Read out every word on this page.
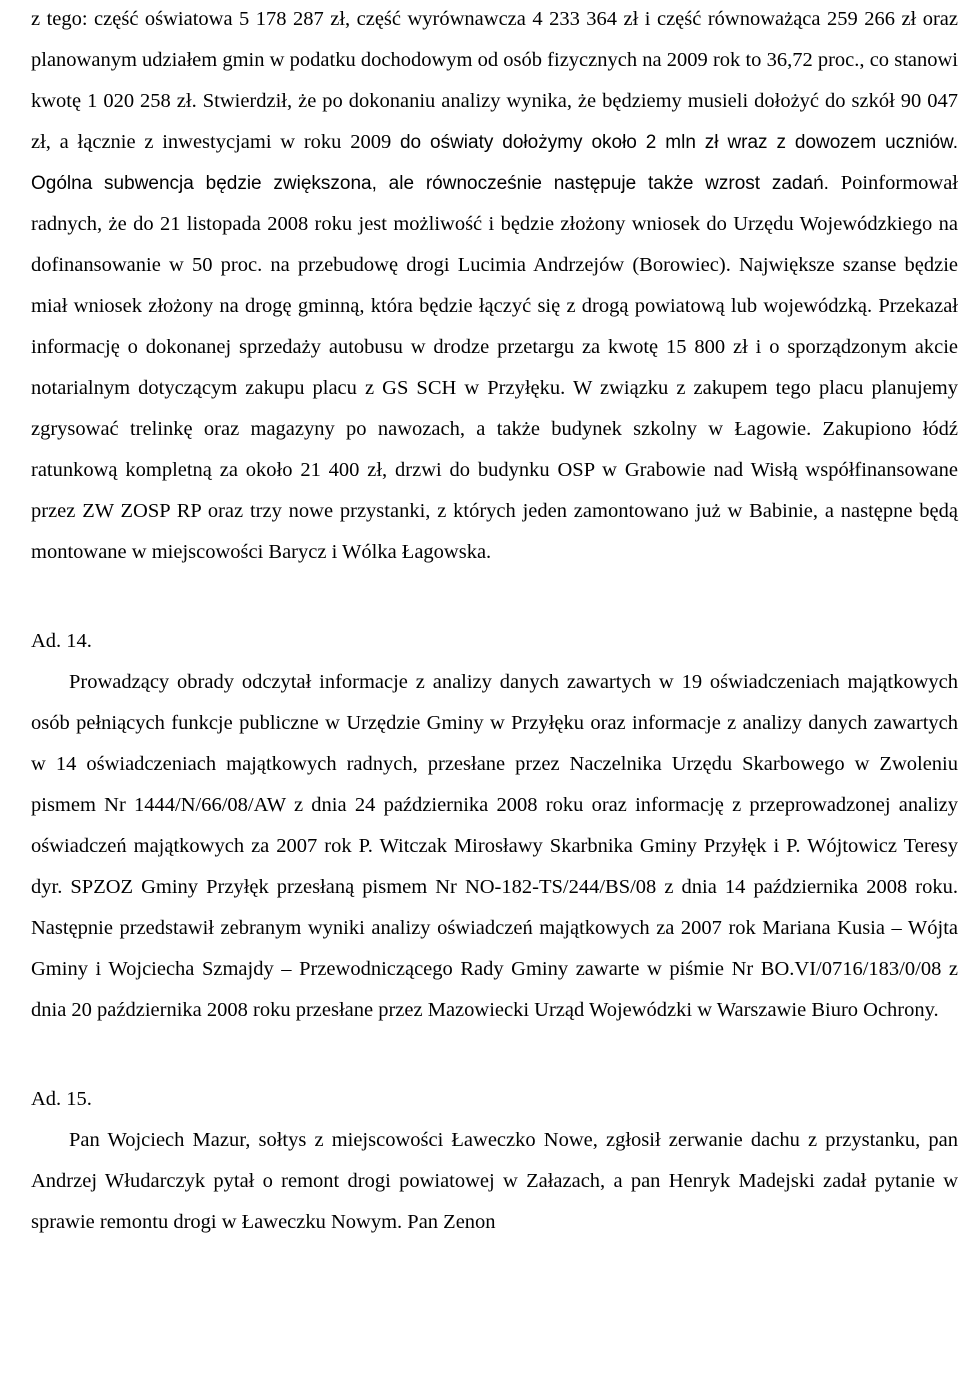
z tego: część oświatowa 5 178 287 zł, część wyrównawcza 4 233 364 zł i część równoważąca 259 266 zł oraz planowanym udziałem gmin w podatku dochodowym od osób fizycznych na 2009 rok to 36,72 proc., co stanowi kwotę 1 020 258 zł. Stwierdził, że po dokonaniu analizy wynika, że będziemy musieli dołożyć do szkół 90 047 zł, a łącznie z inwestycjami w roku 2009 do oświaty dołożymy około 2 mln zł wraz z dowozem uczniów. Ogólna subwencja będzie zwiększona, ale równocześnie następuje także wzrost zadań. Poinformował radnych, że do 21 listopada 2008 roku jest możliwość i będzie złożony wniosek do Urzędu Wojewódzkiego na dofinansowanie w 50 proc. na przebudowę drogi Lucimia Andrzejów (Borowiec). Największe szanse będzie miał wniosek złożony na drogę gminną, która będzie łączyć się z drogą powiatową lub wojewódzką. Przekazał informację o dokonanej sprzedaży autobusu w drodze przetargu za kwotę 15 800 zł i o sporządzonym akcie notarialnym dotyczącym zakupu placu z GS SCH w Przyłęku. W związku z zakupem tego placu planujemy zgrysować trelinkę oraz magazyny po nawozach, a także budynek szkolny w Łagowie. Zakupiono łódź ratunkową kompletną za około 21 400 zł, drzwi do budynku OSP w Grabowie nad Wisłą współfinansowane przez ZW ZOSP RP oraz trzy nowe przystanki, z których jeden zamontowano już w Babinie, a następne będą montowane w miejscowości Barycz i Wólka Łagowska.

Ad. 14.

Prowadzący obrady odczytał informacje z analizy danych zawartych w 19 oświadczeniach majątkowych osób pełniących funkcje publiczne w Urzędzie Gminy w Przyłęku oraz informacje z analizy danych zawartych w 14 oświadczeniach majątkowych radnych, przesłane przez Naczelnika Urzędu Skarbowego w Zwoleniu pismem Nr 1444/N/66/08/AW z dnia 24 października 2008 roku oraz informację z przeprowadzonej analizy oświadczeń majątkowych za 2007 rok P. Witczak Mirosławy Skarbnika Gminy Przyłęk i P. Wójtowicz Teresy dyr. SPZOZ Gminy Przyłęk przesłaną pismem Nr NO-182-TS/244/BS/08 z dnia 14 października 2008 roku. Następnie przedstawił zebranym wyniki analizy oświadczeń majątkowych za 2007 rok Mariana Kusia – Wójta Gminy i Wojciecha Szmajdy – Przewodniczącego Rady Gminy zawarte w piśmie Nr BO.VI/0716/183/0/08 z dnia 20 października 2008 roku przesłane przez Mazowiecki Urząd Wojewódzki w Warszawie Biuro Ochrony.

Ad. 15.

Pan Wojciech Mazur, sołtys z miejscowości Ławeczko Nowe, zgłosił zerwanie dachu z przystanku, pan Andrzej Włudarczyk pytał o remont drogi powiatowej w Załazach, a pan Henryk Madejski zadał pytanie w sprawie remontu drogi w Ławeczku Nowym. Pan Zenon
